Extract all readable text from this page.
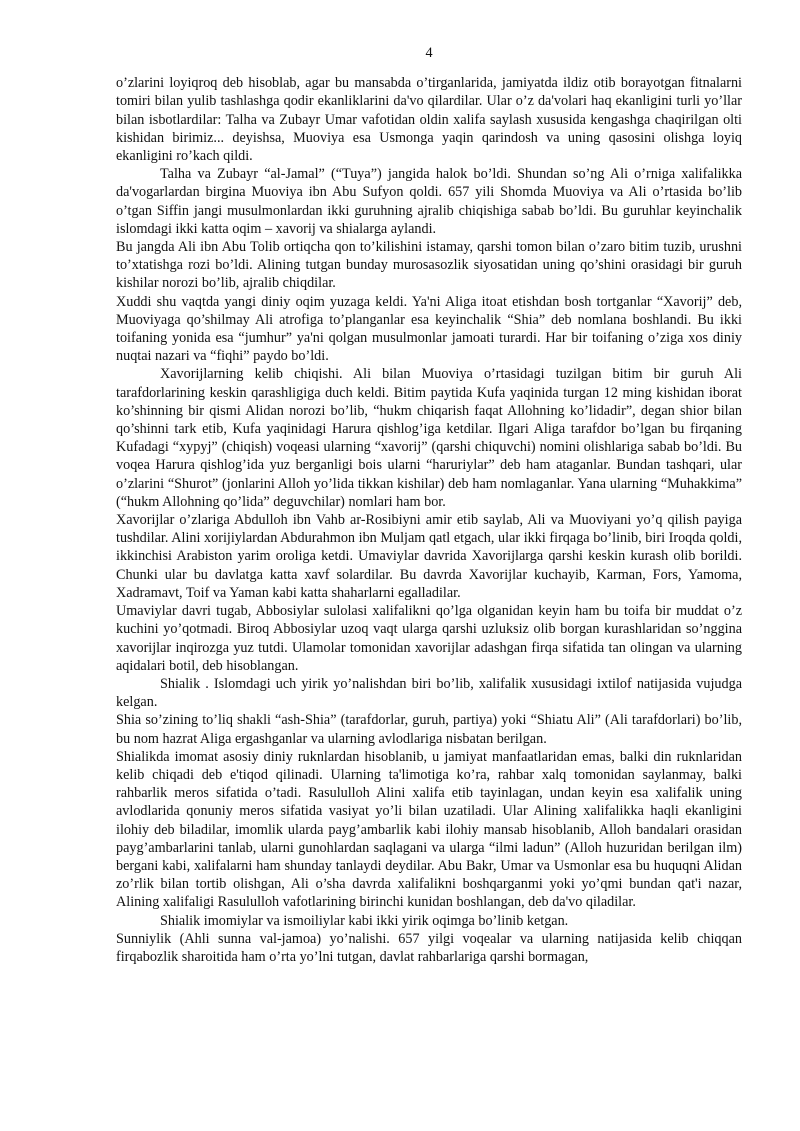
4

o’zlarini loyiqroq deb hisoblab, agar bu mansabda o’tirganlarida, jamiyatda ildiz otib borayotgan fitnalarni tomiri bilan yulib tashlashga qodir ekanliklarini da'vo qilardilar. Ular o’z da'volari haq ekanligini turli yo’llar bilan isbotlardilar: Talha va Zubayr Umar vafotidan oldin xalifa saylash xususida kengashga chaqirilgan olti kishidan birimiz... deyishsa, Muoviya esa Usmonga yaqin qarindosh va uning qasosini olishga loyiq ekanligini ro’kach qildi.

Talha va Zubayr “al-Jamal” (“Tuya”) jangida halok bo’ldi. Shundan so’ng Ali o’rniga xalifalikka da'vogarlardan birgina Muoviya ibn Abu Sufyon qoldi. 657 yili Shomda Muoviya va Ali o’rtasida bo’lib o’tgan Siffin jangi musulmonlardan ikki guruhning ajralib chiqishiga sabab bo’ldi. Bu guruhlar keyinchalik islomdagi ikki katta oqim – xavorij va shialarga aylandi.

Bu jangda Ali ibn Abu Tolib ortiqcha qon to’kilishini istamay, qarshi tomon bilan o’zaro bitim tuzib, urushni to’xtatishga rozi bo’ldi. Alining tutgan bunday murosasozlik siyosatidan uning qo’shini orasidagi bir guruh kishilar norozi bo’lib, ajralib chiqdilar.

Xuddi shu vaqtda yangi diniy oqim yuzaga keldi. Ya'ni Aliga itoat etishdan bosh tortganlar “Xavorij” deb, Muoviyaga qo’shilmay Ali atrofiga to’planganlar esa keyinchalik “Shia” deb nomlana boshlandi. Bu ikki toifaning yonida esa “jumhur” ya'ni qolgan musulmonlar jamoati turardi. Har bir toifaning o’ziga xos diniy nuqtai nazari va “fiqhi” paydo bo’ldi.

Xavorijlarning kelib chiqishi. Ali bilan Muoviya o’rtasidagi tuzilgan bitim bir guruh Ali tarafdorlarining keskin qarashligiga duch keldi. Bitim paytida Kufa yaqinida turgan 12 ming kishidan iborat ko’shinning bir qismi Alidan norozi bo’lib, “hukm chiqarish faqat Allohning ko’lidadir”, degan shior bilan qo’shinni tark etib, Kufa yaqinidagi Harura qishlog’iga ketdilar. Ilgari Aliga tarafdor bo’lgan bu firqaning Kufadagi “xypyj” (chiqish) voqeasi ularning “xavorij” (qarshi chiquvchi) nomini olishlariga sabab bo’ldi. Bu voqea Harura qishlog’ida yuz berganligi bois ularni “haruriylar” deb ham ataganlar. Bundan tashqari, ular o’zlarini “Shurot” (jonlarini Alloh yo’lida tikkan kishilar) deb ham nomlaganlar. Yana ularning “Muhakkima” (“hukm Allohning qo’lida” deguvchilar) nomlari ham bor.

Xavorijlar o’zlariga Abdulloh ibn Vahb ar-Rosibiyni amir etib saylab, Ali va Muoviyani yo’q qilish payiga tushdilar. Alini xorijiylardan Abdurahmon ibn Muljam qatl etgach, ular ikki firqaga bo’linib, biri Iroqda qoldi, ikkinchisi Arabiston yarim oroliga ketdi. Umaviylar davrida Xavorijlarga qarshi keskin kurash olib borildi. Chunki ular bu davlatga katta xavf solardilar. Bu davrda Xavorijlar kuchayib, Karman, Fors, Yamoma, Xadramavt, Toif va Yaman kabi katta shaharlarni egalladilar.

Umaviylar davri tugab, Abbosiylar sulolasi xalifalikni qo’lga olganidan keyin ham bu toifa bir muddat o’z kuchini yo’qotmadi. Biroq Abbosiylar uzoq vaqt ularga qarshi uzluksiz olib borgan kurashlaridan so’nggina xavorijlar inqirozga yuz tutdi. Ulamolar tomonidan xavorijlar adashgan firqa sifatida tan olingan va ularning aqidalari botil, deb hisoblangan.

Shialik . Islomdagi uch yirik yo’nalishdan biri bo’lib, xalifalik xususidagi ixtilof natijasida vujudga kelgan.

Shia so’zining to’liq shakli “ash-Shia” (tarafdorlar, guruh, partiya) yoki “Shiatu Ali” (Ali tarafdorlari) bo’lib, bu nom hazrat Aliga ergashganlar va ularning avlodlariga nisbatan berilgan.

Shialikda imomat asosiy diniy ruknlardan hisoblanib, u jamiyat manfaatlaridan emas, balki din ruknlaridan kelib chiqadi deb e'tiqod qilinadi. Ularning ta'limotiga ko’ra, rahbar xalq tomonidan saylanmay, balki rahbarlik meros sifatida o’tadi. Rasululloh Alini xalifa etib tayinlagan, undan keyin esa xalifalik uning avlodlarida qonuniy meros sifatida vasiyat yo’li bilan uzatiladi. Ular Alining xalifalikka haqli ekanligini ilohiy deb biladilar, imomlik ularda payg’ambarlik kabi ilohiy mansab hisoblanib, Alloh bandalari orasidan payg’ambarlarini tanlab, ularni gunohlardan saqlagani va ularga “ilmi ladun” (Alloh huzuridan berilgan ilm) bergani kabi, xalifalarni ham shunday tanlaydi deydilar. Abu Bakr, Umar va Usmonlar esa bu huquqni Alidan zo’rlik bilan tortib olishgan, Ali o’sha davrda xalifalikni boshqarganmi yoki yo’qmi bundan qat'i nazar, Alining xalifaligi Rasululloh vafotlarining birinchi kunidan boshlangan, deb da'vo qiladilar.

Shialik imomiylar va ismoiliylar kabi ikki yirik oqimga bo’linib ketgan.

Sunniylik (Ahli sunna val-jamoa) yo’nalishi. 657 yilgi voqealar va ularning natijasida kelib chiqqan firqabozlik sharoitida ham o’rta yo’lni tutgan, davlat rahbarlariga qarshi bormagan,
